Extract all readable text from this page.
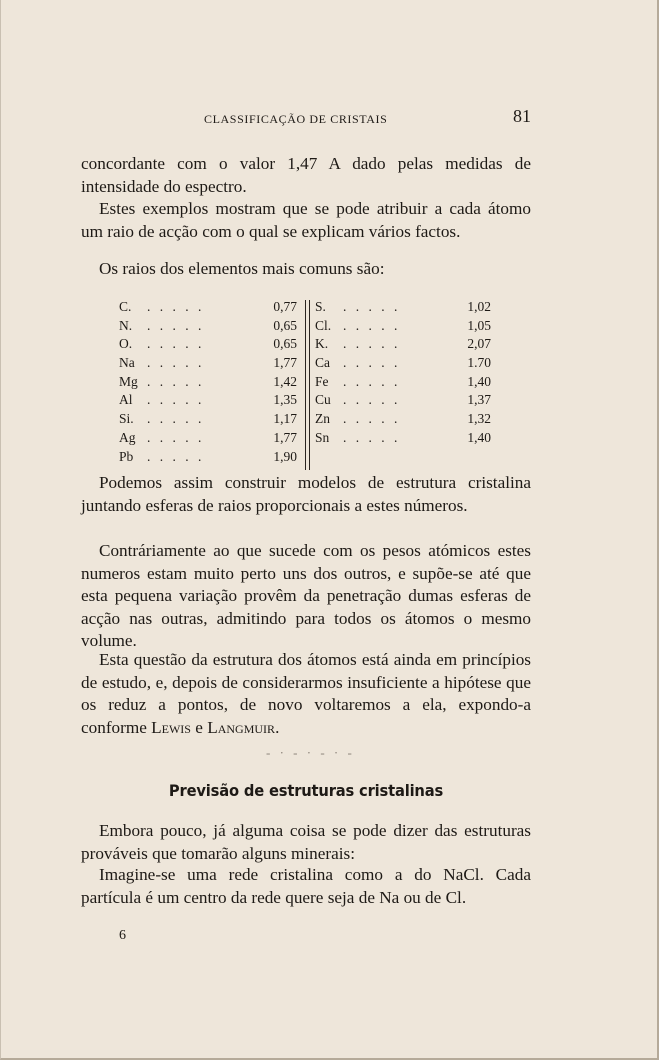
CLASSIFICAÇÃO DE CRISTAIS	81

concordante com o valor 1,47 A dado pelas medidas de intensidade do espectro.

Estes exemplos mostram que se pode atribuir a cada átomo um raio de acção com o qual se explicam vários factos.

Os raios dos elementos mais comuns são:

C. . . . . .	0,77
N. . . . . .	0,65
O. . . . . .	0,65
Na . . . . .	1,77
Mg . . . . .	1,42
Al . . . . .	1,35
Si. . . . . .	1,17
Ag . . . . .	1,77
Pb . . . . .	1,90
S. . . . . .	1,02
Cl. . . . . .	1,05
K. . . . . .	2,07
Ca . . . . .	1.70
Fe . . . . .	1,40
Cu . . . . .	1,37
Zn . . . . .	1,32
Sn . . . . .	1,40

Podemos assim construir modelos de estrutura cristalina juntando esferas de raios proporcionais a estes números.

Contráriamente ao que sucede com os pesos atómicos estes numeros estam muito perto uns dos outros, e supõe-se até que esta pequena variação provêm da penetração dumas esferas de acção nas outras, admitindo para todos os átomos o mesmo volume.

Esta questão da estrutura dos átomos está ainda em princípios de estudo, e, depois de considerarmos insuficiente a hipótese que os reduz a pontos, de novo voltaremos a ela, expondo-a conforme Lewis e Langmuir.

- · - · - · -
Previsão de estruturas cristalinas

Embora pouco, já alguma coisa se pode dizer das estruturas prováveis que tomarão alguns minerais:

Imagine-se uma rede cristalina como a do NaCl. Cada partícula é um centro da rede quere seja de Na ou de Cl.

6
